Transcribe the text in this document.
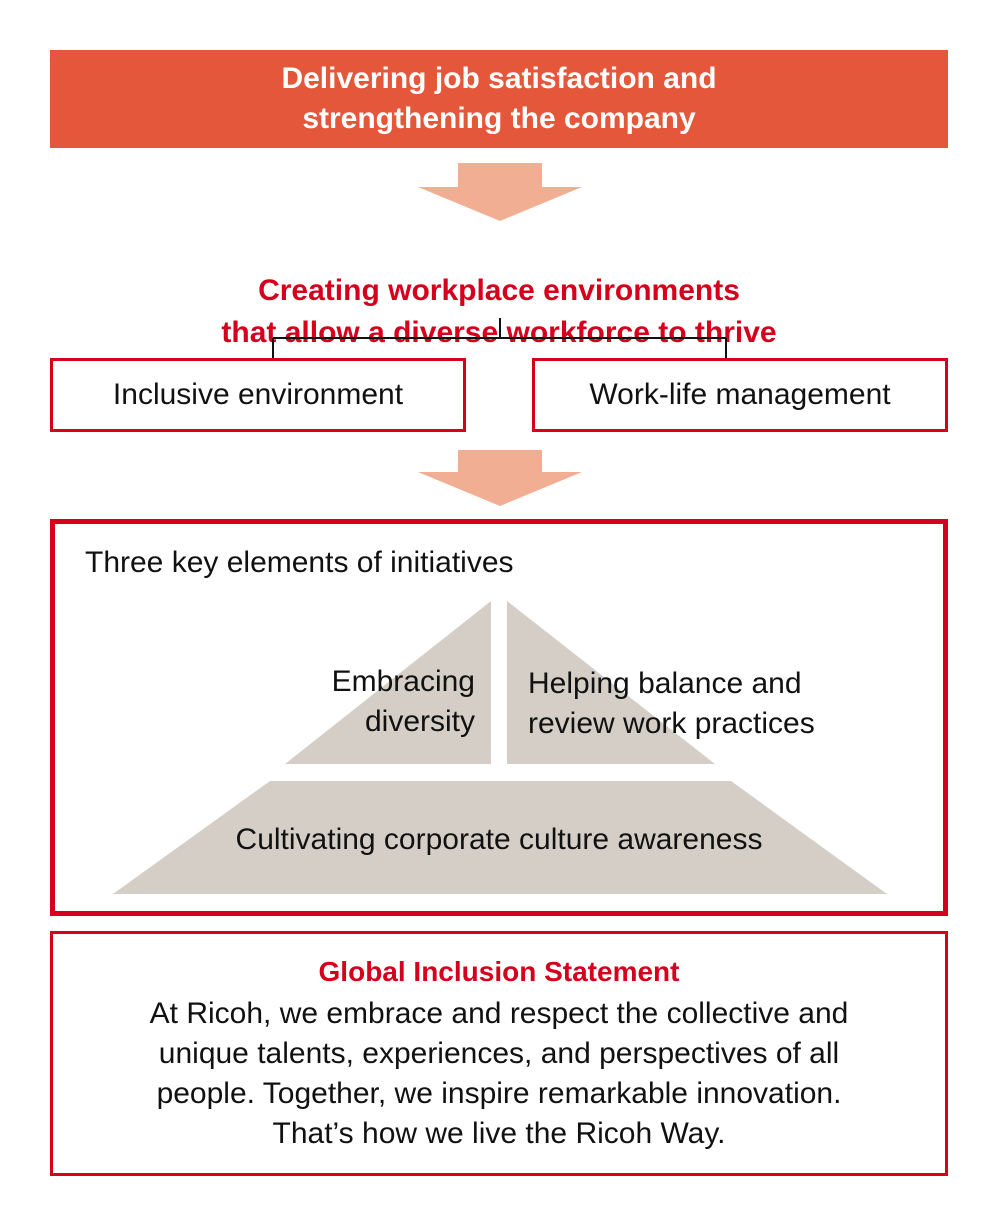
Delivering job satisfaction and
strengthening the company

Creating workplace environments
that allow a diverse workforce to thrive

Inclusive environment	Work-life management
Three key elements of initiatives
Embracing
diversity
Helping balance and
review work practices
Cultivating corporate culture awareness
Global Inclusion Statement
At Ricoh, we embrace and respect the collective and
unique talents, experiences, and perspectives of all
people. Together, we inspire remarkable innovation.
That’s how we live the Ricoh Way.
